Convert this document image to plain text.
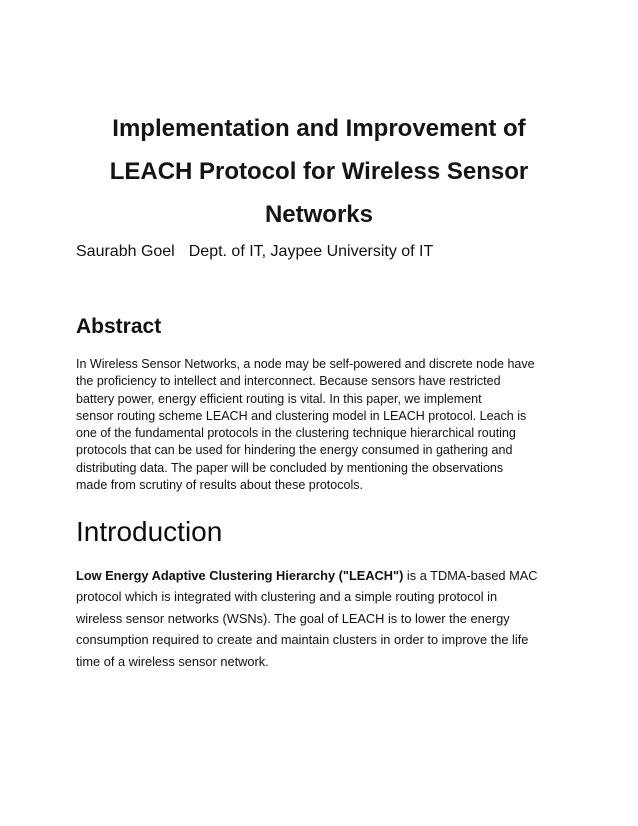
Implementation and Improvement of
LEACH Protocol for Wireless Sensor
Networks
Saurabh Goel Dept. of IT, Jaypee University of IT
Abstract
In Wireless Sensor Networks, a node may be self-powered and discrete node have
the proficiency to intellect and interconnect. Because sensors have restricted
battery power, energy efficient routing is vital. In this paper, we implement
sensor routing scheme LEACH and clustering model in LEACH protocol. Leach is
one of the fundamental protocols in the clustering technique hierarchical routing
protocols that can be used for hindering the energy consumed in gathering and
distributing data. The paper will be concluded by mentioning the observations
made from scrutiny of results about these protocols.
Introduction
Low Energy Adaptive Clustering Hierarchy ("LEACH") is a TDMA-based MAC
protocol which is integrated with clustering and a simple routing protocol in
wireless sensor networks (WSNs). The goal of LEACH is to lower the energy
consumption required to create and maintain clusters in order to improve the life
time of a wireless sensor network.
